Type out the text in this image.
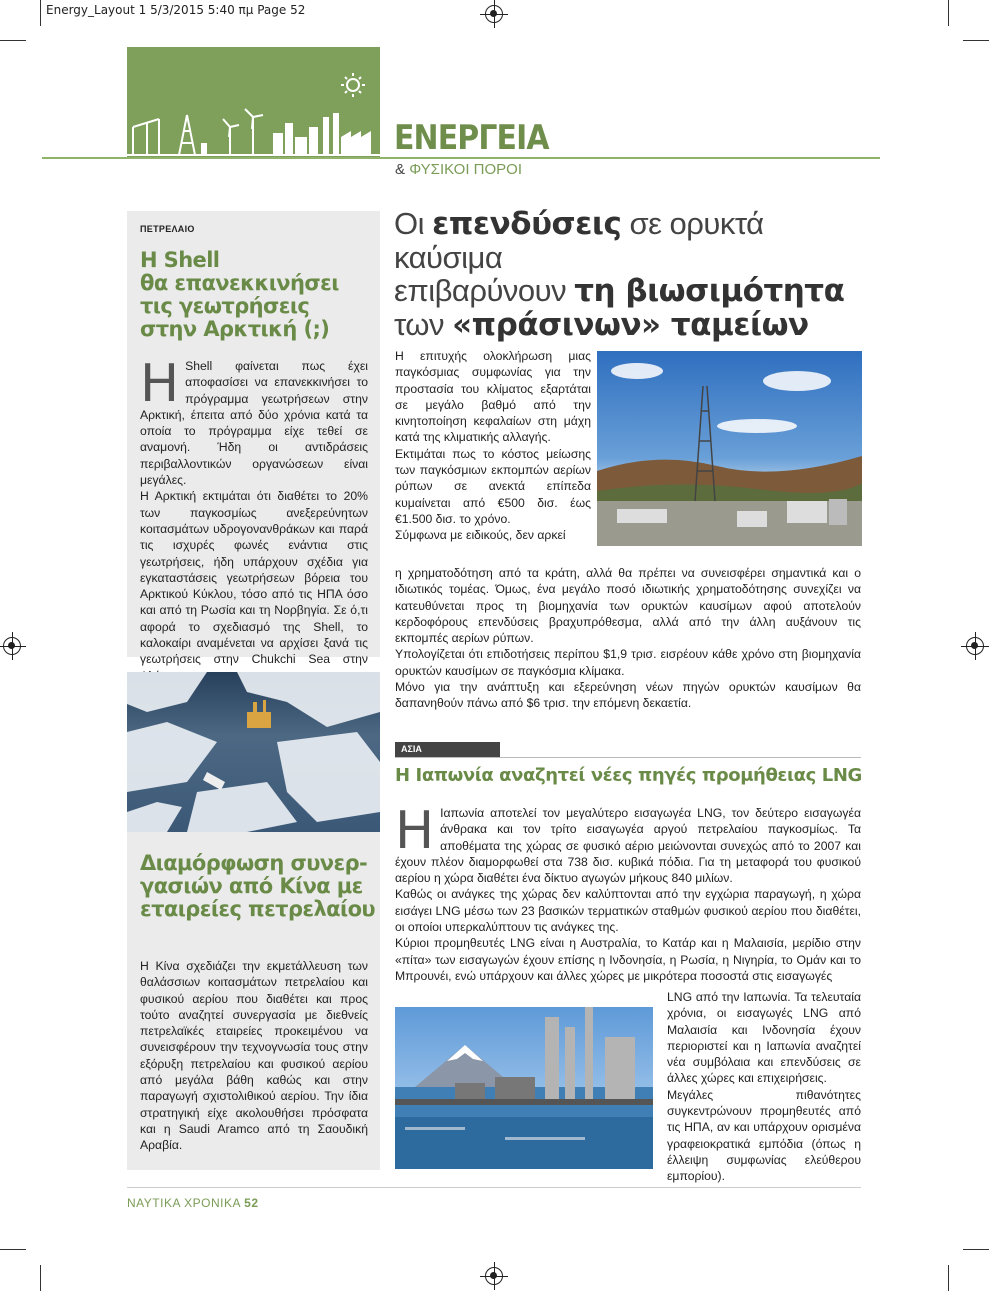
Energy_Layout 1 5/3/2015 5:40 πμ Page 52
ΕΝΕΡΓΕΙΑ
& ΦΥΣΙΚΟΙ ΠΟΡΟΙ
ΠΕΤΡΕΛΑΙΟ
Η Shell
θα επανεκκινήσει
τις γεωτρήσεις
στην Αρκτική (;)
Η Shell φαίνεται πως έχει αποφασίσει να επανεκκινήσει το πρόγραμμα γεωτρήσεων στην Αρκτική, έπειτα από δύο χρόνια κατά τα οποία το πρόγραμμα είχε τεθεί σε αναμονή. Ήδη οι αντιδράσεις περιβαλλοντικών οργανώσεων είναι μεγάλες.

Η Αρκτική εκτιμάται ότι διαθέτει το 20% των παγκοσμίως ανεξερεύνητων κοιτασμάτων υδρογονανθράκων και παρά τις ισχυρές φωνές ενάντια στις γεωτρήσεις, ήδη υπάρχουν σχέδια για εγκαταστάσεις γεωτρήσεων βόρεια του Αρκτικού Κύκλου, τόσο από τις ΗΠΑ όσο και από τη Ρωσία και τη Νορβηγία. Σε ό,τι αφορά το σχεδιασμό της Shell, το καλοκαίρι αναμένεται να αρχίσει ξανά τις γεωτρήσεις στην Chukchi Sea στην

Διαμόρφωση συνερ-
γασιών από Κίνα με
εταιρείες πετρελαίου
Η Κίνα σχεδιάζει την εκμετάλλευση των θαλάσσιων κοιτασμάτων πετρελαίου και φυσικού αερίου που διαθέτει και προς τούτο αναζητεί συνεργασία με διεθνείς πετρελαϊκές εταιρείες προκειμένου να συνεισφέρουν την τεχνογνωσία τους στην εξόρυξη πετρελαίου και φυσικού αερίου από μεγάλα βάθη καθώς και στην παραγωγή σχιστολιθικού αερίου. Την ίδια στρατηγική είχε ακολουθήσει πρόσφατα και η Saudi Aramco από τη Σαουδική Αραβία.
Οι επενδύσεις σε ορυκτά καύσιμα
επιβαρύνουν τη βιωσιμότητα
των «πράσινων» ταμείων

Η επιτυχής ολοκλήρωση μιας παγκόσμιας συμφωνίας για την προστασία του κλίματος εξαρτάται σε μεγάλο βαθμό από την κινητοποίηση κεφαλαίων στη μάχη κατά της κλιματικής αλλαγής.

Εκτιμάται πως το κόστος μείωσης των παγκόσμιων εκπομπών αερίων ρύπων σε ανεκτά επίπεδα κυμαίνεται από €500 δισ. έως €1.500 δισ. το χρόνο.

Σύμφωνα με ειδικούς, δεν αρκεί

η χρηματοδότηση από τα κράτη, αλλά θα πρέπει να συνεισφέρει σημαντικά και ο ιδιωτικός τομέας. Όμως, ένα μεγάλο ποσό ιδιωτικής χρηματοδότησης συνεχίζει να κατευθύνεται προς τη βιομηχανία των ορυκτών καυσίμων αφού αποτελούν κερδοφόρους επενδύσεις βραχυπρόθεσμα, αλλά από την άλλη αυξάνουν τις εκπομπές αερίων ρύπων.

Υπολογίζεται ότι επιδοτήσεις περίπου $1,9 τρισ. εισρέουν κάθε χρόνο στη βιομηχανία ορυκτών καυσίμων σε παγκόσμια κλίμακα.

Μόνο για την ανάπτυξη και εξερεύνηση νέων πηγών ορυκτών καυσίμων θα δαπανηθούν πάνω από $6 τρισ. την επόμενη δεκαετία.

ΑΣΙΑ
Η Ιαπωνία αναζητεί νέες πηγές προμήθειας LNG
Η Ιαπωνία αποτελεί τον μεγαλύτερο εισαγωγέα LNG, τον δεύτερο εισαγωγέα άνθρακα και τον τρίτο εισαγωγέα αργού πετρελαίου παγκοσμίως. Τα αποθέματα της χώρας σε φυσικό αέριο μειώνονται συνεχώς από το 2007 και έχουν πλέον διαμορφωθεί στα 738 δισ. κυβικά πόδια. Για τη μεταφορά του φυσικού αερίου η χώρα διαθέτει ένα δίκτυο αγωγών μήκους 840 μιλίων.

Καθώς οι ανάγκες της χώρας δεν καλύπτονται από την εγχώρια παραγωγή, η χώρα εισάγει LNG μέσω των 23 βασικών τερματικών σταθμών φυσικού αερίου που διαθέτει, οι οποίοι υπερκαλύπτουν τις ανάγκες της.

Κύριοι προμηθευτές LNG είναι η Αυστραλία, το Κατάρ και η Μαλαισία, μερίδιο στην «πίτα» των εισαγωγών έχουν επίσης η Ινδονησία, η Ρωσία, η Νιγηρία, το Ομάν και το Μπρουνέι, ενώ υπάρχουν και άλλες χώρες με μικρότερα ποσοστά στις εισαγωγές

LNG από την Ιαπωνία. Τα τελευταία χρόνια, οι εισαγωγές LNG από Μαλαισία και Ινδονησία έχουν περιοριστεί και η Ιαπωνία αναζητεί νέα συμβόλαια και επενδύσεις σε άλλες χώρες και επιχειρήσεις.

Μεγάλες πιθανότητες συγκεντρώνουν προμηθευτές από τις ΗΠΑ, αν και υπάρχουν ορισμένα γραφειοκρατικά εμπόδια (όπως η έλλειψη συμφωνίας ελεύθερου εμπορίου).

ΝΑΥΤΙΚΑ ΧΡΟΝΙΚΑ 52
